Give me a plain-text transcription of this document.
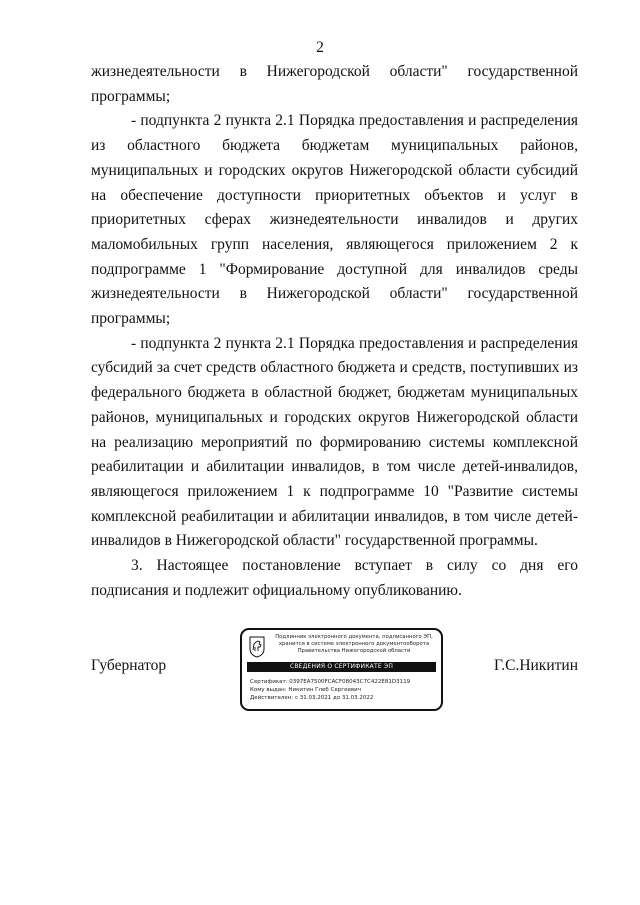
2

жизнедеятельности в Нижегородской области" государственной программы;

- подпункта 2 пункта 2.1 Порядка предоставления и распределения из областного бюджета бюджетам муниципальных районов, муниципальных и городских округов Нижегородской области субсидий на обеспечение доступности приоритетных объектов и услуг в приоритетных сферах жизнедеятельности инвалидов и других маломобильных групп населения, являющегося приложением 2 к подпрограмме 1 "Формирование доступной для инвалидов среды жизнедеятельности в Нижегородской области" государственной программы;

- подпункта 2 пункта 2.1 Порядка предоставления и распределения субсидий за счет средств областного бюджета и средств, поступивших из федерального бюджета в областной бюджет, бюджетам муниципальных районов, муниципальных и городских округов Нижегородской области на реализацию мероприятий по формированию системы комплексной реабилитации и абилитации инвалидов, в том числе детей-инвалидов, являющегося приложением 1 к подпрограмме 10 "Развитие системы комплексной реабилитации и абилитации инвалидов, в том числе детей-инвалидов в Нижегородской области" государственной программы.

3. Настоящее постановление вступает в силу со дня его подписания и подлежит официальному опубликованию.

Губернатор
Подлинник электронного документа, подписанного ЭП,
хранится в системе электронного документооборота
Правительства Нижегородской области
СВЕДЕНИЯ О СЕРТИФИКАТЕ ЭП
Сертификат: 0397EA7500FCACF08043C7C422E81D3119
Кому выдан: Никитин Глеб Сергеевич
Действителен: с 31.03.2021 до 31.03.2022
Г.С.Никитин
